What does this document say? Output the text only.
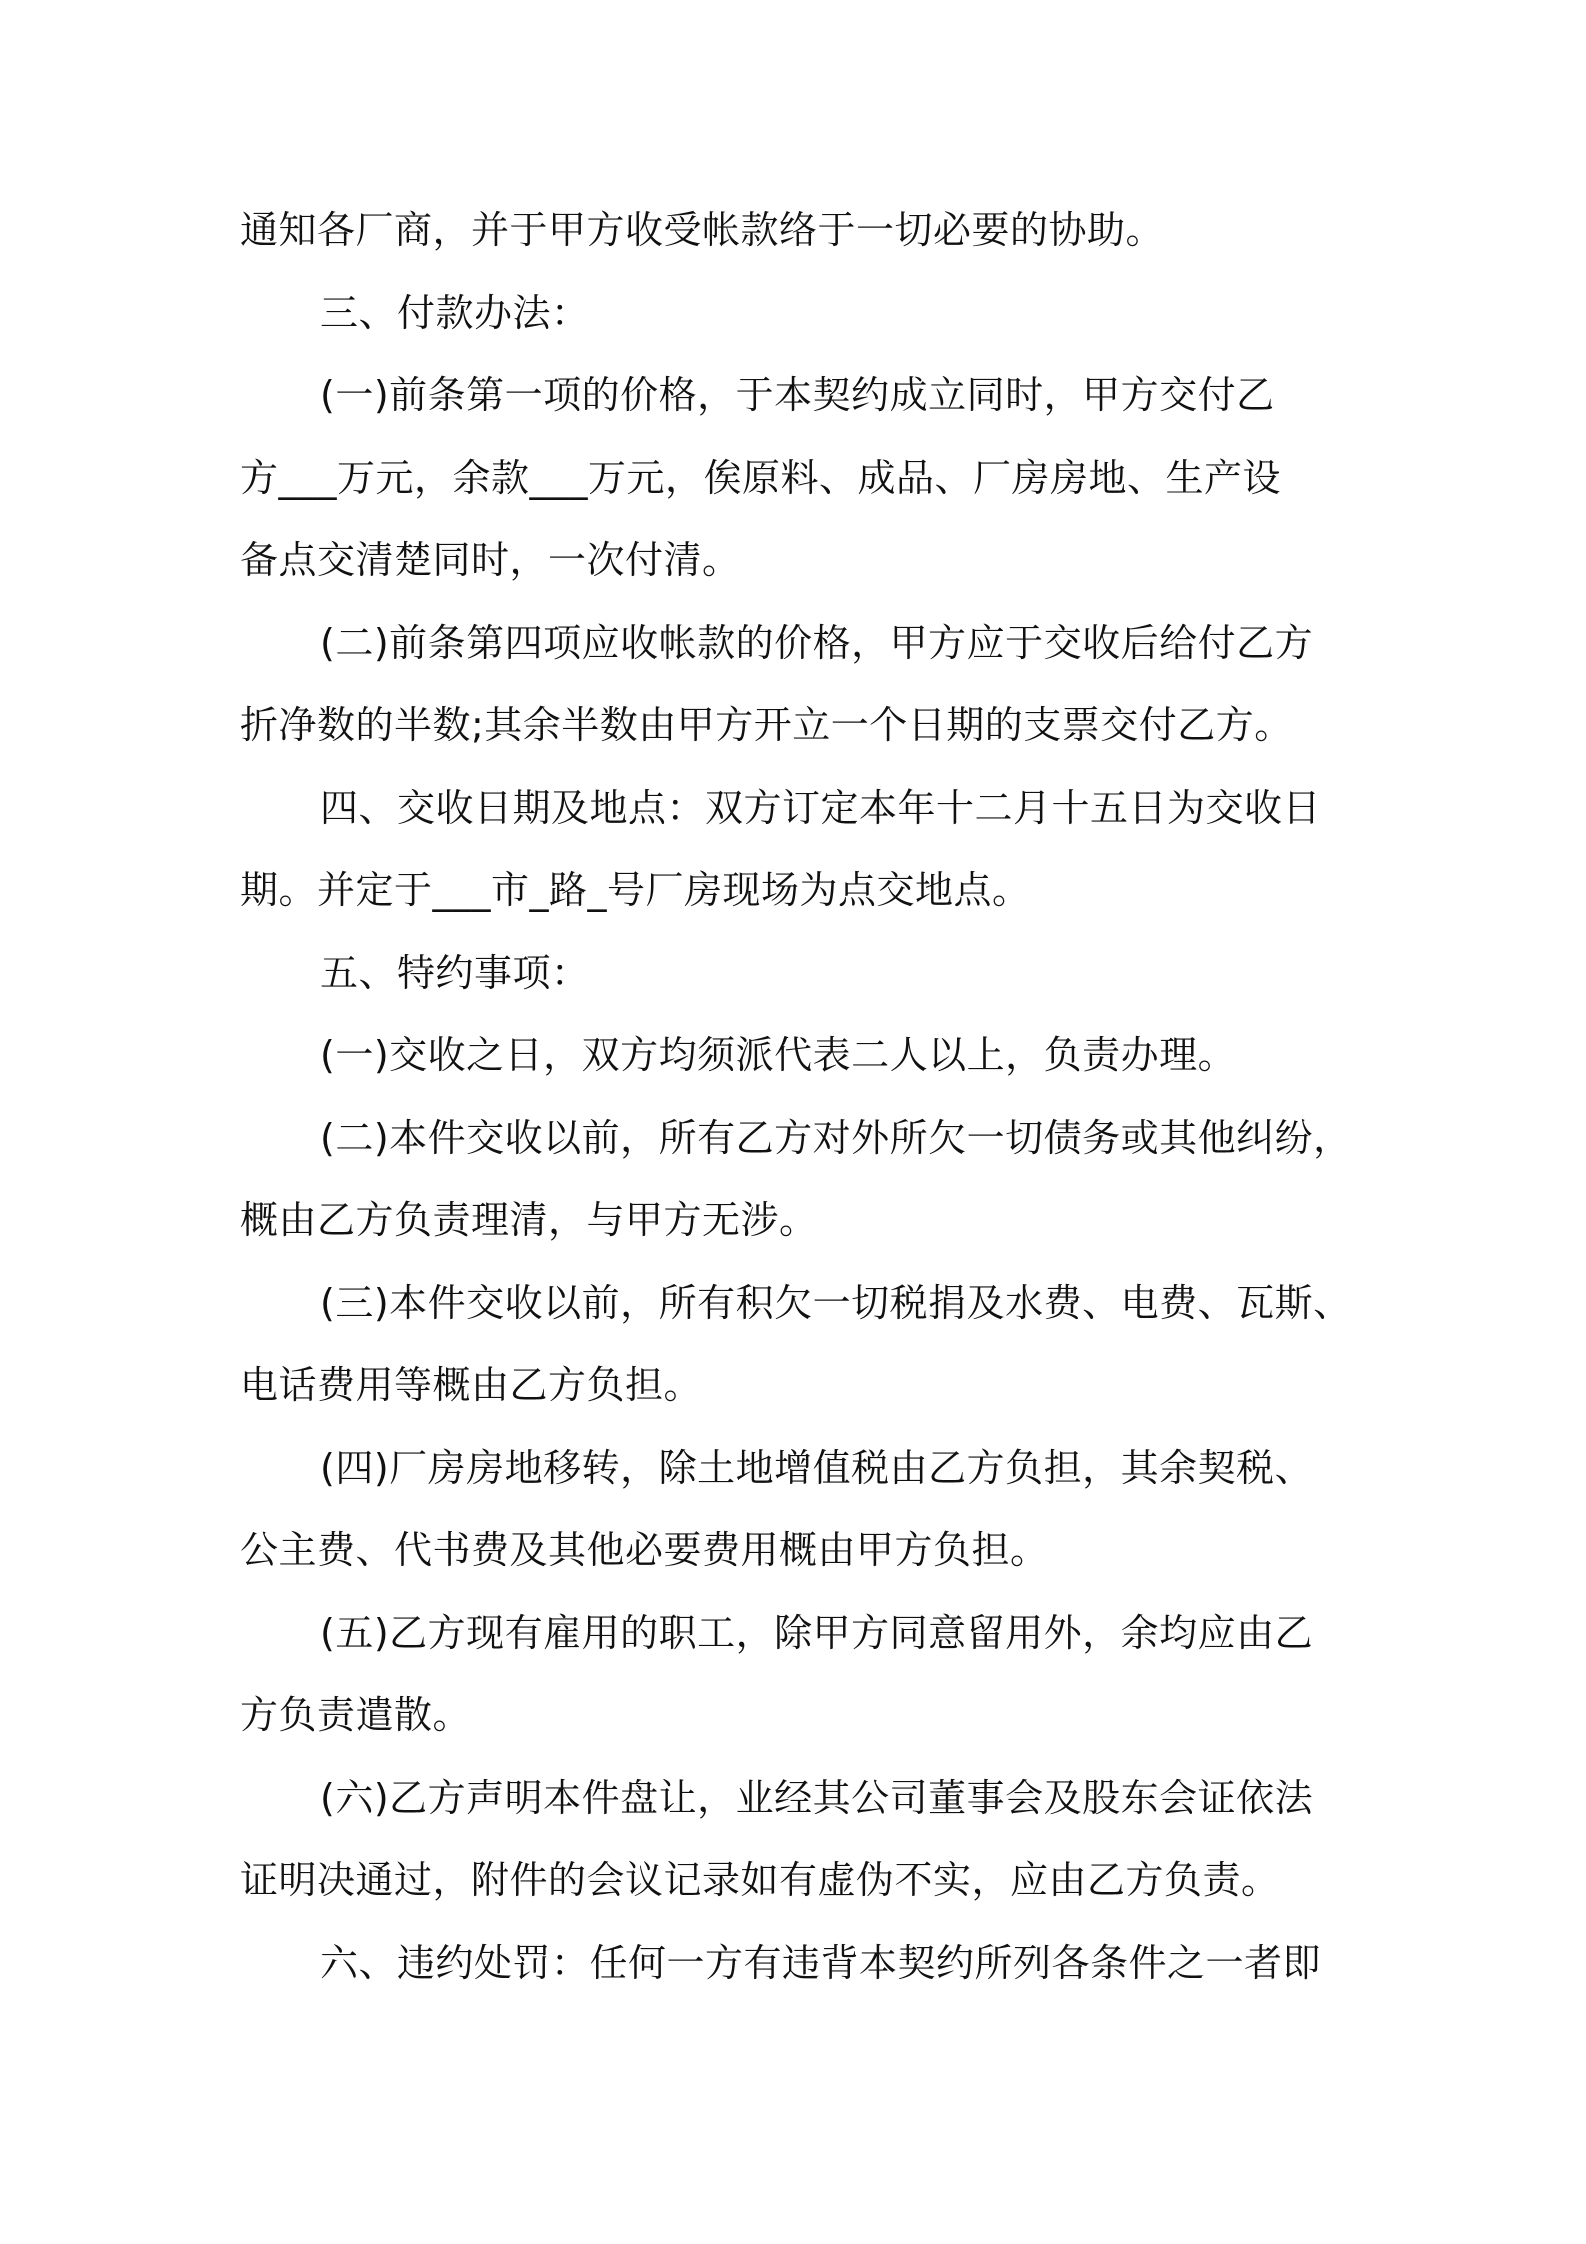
通知各厂商，并于甲方收受帐款络于一切必要的协助。
三、付款办法：
(一)前条第一项的价格，于本契约成立同时，甲方交付乙
方___万元，余款___万元，俟原料、成品、厂房房地、生产设
备点交清楚同时，一次付清。
(二)前条第四项应收帐款的价格，甲方应于交收后给付乙方
折净数的半数;其余半数由甲方开立一个日期的支票交付乙方。
四、交收日期及地点：双方订定本年十二月十五日为交收日
期。并定于___市_路_号厂房现场为点交地点。
五、特约事项：
(一)交收之日，双方均须派代表二人以上，负责办理。
(二)本件交收以前，所有乙方对外所欠一切债务或其他纠纷，
概由乙方负责理清，与甲方无涉。
(三)本件交收以前，所有积欠一切税捐及水费、电费、瓦斯、
电话费用等概由乙方负担。
(四)厂房房地移转，除土地增值税由乙方负担，其余契税、
公主费、代书费及其他必要费用概由甲方负担。
(五)乙方现有雇用的职工，除甲方同意留用外，余均应由乙
方负责遣散。
(六)乙方声明本件盘让，业经其公司董事会及股东会证依法
证明决通过，附件的会议记录如有虚伪不实，应由乙方负责。
六、违约处罚：任何一方有违背本契约所列各条件之一者即
